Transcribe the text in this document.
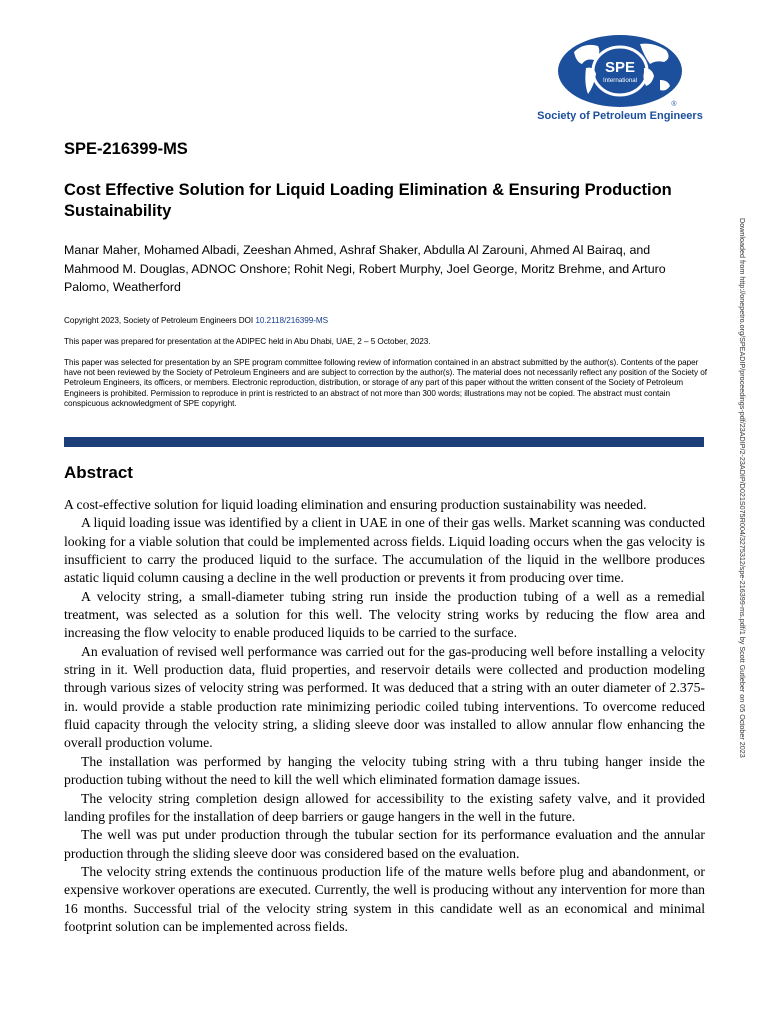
SPE
International
®
Society of Petroleum Engineers
SPE-216399-MS
Cost Effective Solution for Liquid Loading Elimination & Ensuring Production Sustainability

Manar Maher, Mohamed Albadi, Zeeshan Ahmed, Ashraf Shaker, Abdulla Al Zarouni, Ahmed Al Bairaq, and Mahmood M. Douglas, ADNOC Onshore; Rohit Negi, Robert Murphy, Joel George, Moritz Brehme, and Arturo Palomo, Weatherford

Copyright 2023, Society of Petroleum Engineers DOI 10.2118/216399-MS

This paper was prepared for presentation at the ADIPEC held in Abu Dhabi, UAE, 2 – 5 October, 2023.

This paper was selected for presentation by an SPE program committee following review of information contained in an abstract submitted by the author(s). Contents of the paper have not been reviewed by the Society of Petroleum Engineers and are subject to correction by the author(s). The material does not necessarily reflect any position of the Society of Petroleum Engineers, its officers, or members. Electronic reproduction, distribution, or storage of any part of this paper without the written consent of the Society of Petroleum Engineers is prohibited. Permission to reproduce in print is restricted to an abstract of not more than 300 words; illustrations may not be copied. The abstract must contain conspicuous acknowledgment of SPE copyright.

Abstract

A cost-effective solution for liquid loading elimination and ensuring production sustainability was needed.

A liquid loading issue was identified by a client in UAE in one of their gas wells. Market scanning was conducted looking for a viable solution that could be implemented across fields. Liquid loading occurs when the gas velocity is insufficient to carry the produced liquid to the surface. The accumulation of the liquid in the wellbore produces astatic liquid column causing a decline in the well production or prevents it from producing over time.

A velocity string, a small-diameter tubing string run inside the production tubing of a well as a remedial treatment, was selected as a solution for this well. The velocity string works by reducing the flow area and increasing the flow velocity to enable produced liquids to be carried to the surface.

An evaluation of revised well performance was carried out for the gas-producing well before installing a velocity string in it. Well production data, fluid properties, and reservoir details were collected and production modeling through various sizes of velocity string was performed. It was deduced that a string with an outer diameter of 2.375-in. would provide a stable production rate minimizing periodic coiled tubing interventions. To overcome reduced fluid capacity through the velocity string, a sliding sleeve door was installed to allow annular flow enhancing the overall production volume.

The installation was performed by hanging the velocity tubing string with a thru tubing hanger inside the production tubing without the need to kill the well which eliminated formation damage issues.

The velocity string completion design allowed for accessibility to the existing safety valve, and it provided landing profiles for the installation of deep barriers or gauge hangers in the well in the future.

The well was put under production through the tubular section for its performance evaluation and the annular production through the sliding sleeve door was considered based on the evaluation.

The velocity string extends the continuous production life of the mature wells before plug and abandonment, or expensive workover operations are executed. Currently, the well is producing without any intervention for more than 16 months. Successful trial of the velocity string system in this candidate well as an economical and minimal footprint solution can be implemented across fields.

Downloaded from http://onepetro.org/SPEADIP/proceedings-pdf/23ADIP/2-23ADIP/D021S075R004/3275312/spe-216399-ms.pdf/1 by Scott Gutleber on 05 October 2023
